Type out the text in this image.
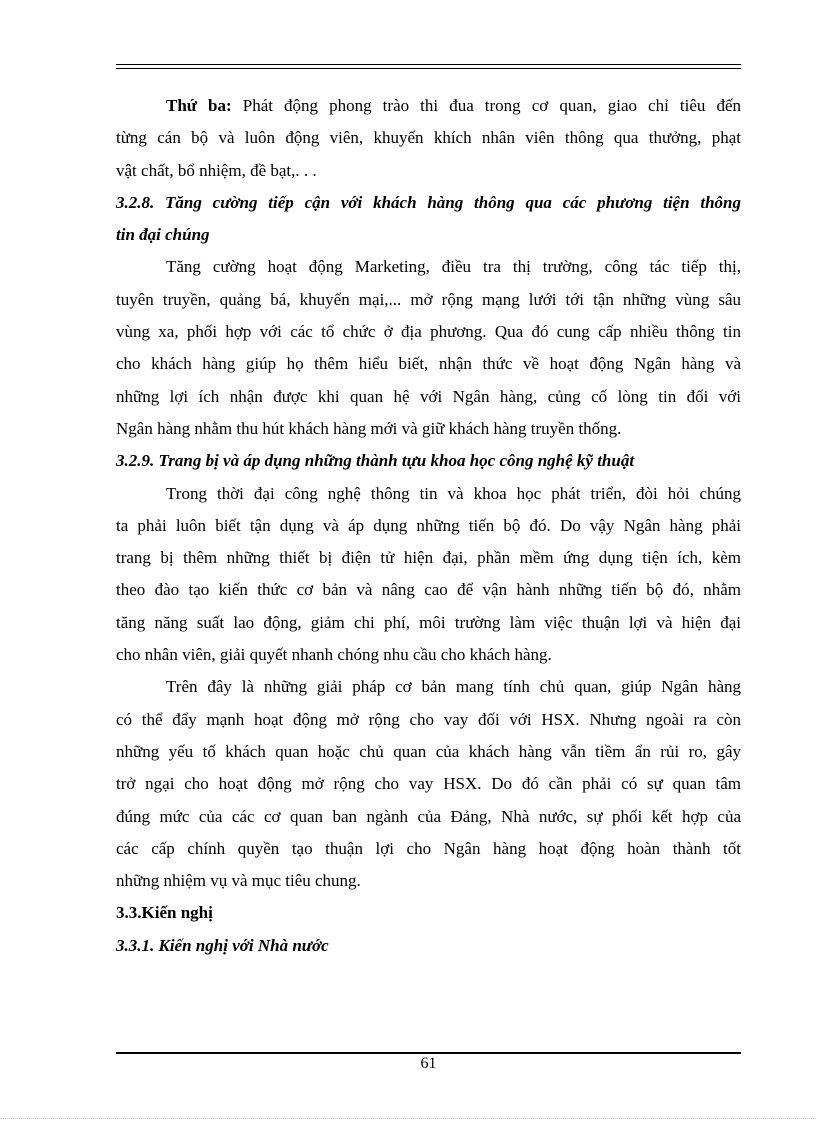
Thứ ba: Phát động phong trào thi đua trong cơ quan, giao chỉ tiêu đến
từng cán bộ và luôn động viên, khuyến khích nhân viên thông qua thưởng, phạt
vật chất, bổ nhiệm, đề bạt,. . .
3.2.8. Tăng cường tiếp cận với khách hàng thông qua các phương tiện thông
tin đại chúng
Tăng cường hoạt động Marketing, điều tra thị trường, công tác tiếp thị,
tuyên truyền, quảng bá, khuyến mại,... mở rộng mạng lưới tới tận những vùng sâu
vùng xa, phối hợp với các tổ chức ở địa phương. Qua đó cung cấp nhiều thông tin
cho khách hàng giúp họ thêm hiểu biết, nhận thức về hoạt động Ngân hàng và
những lợi ích nhận được khi quan hệ với Ngân hàng, củng cố lòng tin đối với
Ngân hàng nhằm thu hút khách hàng mới và giữ khách hàng truyền thống.
3.2.9. Trang bị và áp dụng những thành tựu khoa học công nghệ kỹ thuật
Trong thời đại công nghệ thông tin và khoa học phát triển, đòi hỏi chúng
ta phải luôn biết tận dụng và áp dụng những tiến bộ đó. Do vậy Ngân hàng phải
trang bị thêm những thiết bị điện tử hiện đại, phần mềm ứng dụng tiện ích, kèm
theo đào tạo kiến thức cơ bản và nâng cao để vận hành những tiến bộ đó, nhằm
tăng năng suất lao động, giảm chi phí, môi trường làm việc thuận lợi và hiện đại
cho nhân viên, giải quyết nhanh chóng nhu cầu cho khách hàng.
Trên đây là những giải pháp cơ bản mang tính chủ quan, giúp Ngân hàng
có thể đẩy mạnh hoạt động mở rộng cho vay đối với HSX. Nhưng ngoài ra còn
những yếu tố khách quan hoặc chủ quan của khách hàng vẫn tiềm ẩn rủi ro, gây
trở ngại cho hoạt động mở rộng cho vay HSX. Do đó cần phải có sự quan tâm
đúng mức của các cơ quan ban ngành của Đảng, Nhà nước, sự phối kết hợp của
các cấp chính quyền tạo thuận lợi cho Ngân hàng hoạt động hoàn thành tốt
những nhiệm vụ và mục tiêu chung.
3.3.Kiến nghị
3.3.1. Kiến nghị với Nhà nước
61
